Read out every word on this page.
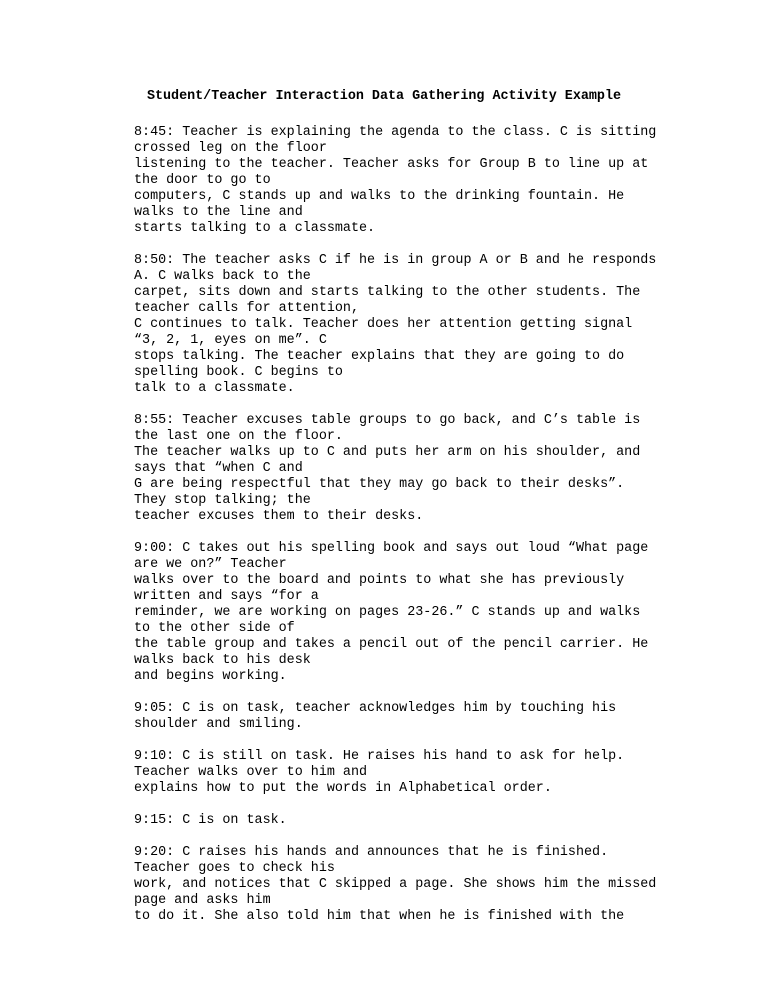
Student/Teacher Interaction Data Gathering Activity Example
8:45: Teacher is explaining the agenda to the class. C is sitting
crossed leg on the floor
listening to the teacher. Teacher asks for Group B to line up at
the door to go to
computers, C stands up and walks to the drinking fountain. He
walks to the line and
starts talking to a classmate.
8:50: The teacher asks C if he is in group A or B and he responds
A. C walks back to the
carpet, sits down and starts talking to the other students. The
teacher calls for attention,
C continues to talk. Teacher does her attention getting signal
“3, 2, 1, eyes on me”. C
stops talking. The teacher explains that they are going to do
spelling book. C begins to
talk to a classmate.
8:55: Teacher excuses table groups to go back, and C’s table is
the last one on the floor.
The teacher walks up to C and puts her arm on his shoulder, and
says that “when C and
G are being respectful that they may go back to their desks”.
They stop talking; the
teacher excuses them to their desks.
9:00: C takes out his spelling book and says out loud “What page
are we on?” Teacher
walks over to the board and points to what she has previously
written and says “for a
reminder, we are working on pages 23-26.” C stands up and walks
to the other side of
the table group and takes a pencil out of the pencil carrier. He
walks back to his desk
and begins working.
9:05: C is on task, teacher acknowledges him by touching his
shoulder and smiling.
9:10: C is still on task. He raises his hand to ask for help.
Teacher walks over to him and
explains how to put the words in Alphabetical order.
9:15: C is on task.
9:20: C raises his hands and announces that he is finished.
Teacher goes to check his
work, and notices that C skipped a page. She shows him the missed
page and asks him
to do it. She also told him that when he is finished with the
